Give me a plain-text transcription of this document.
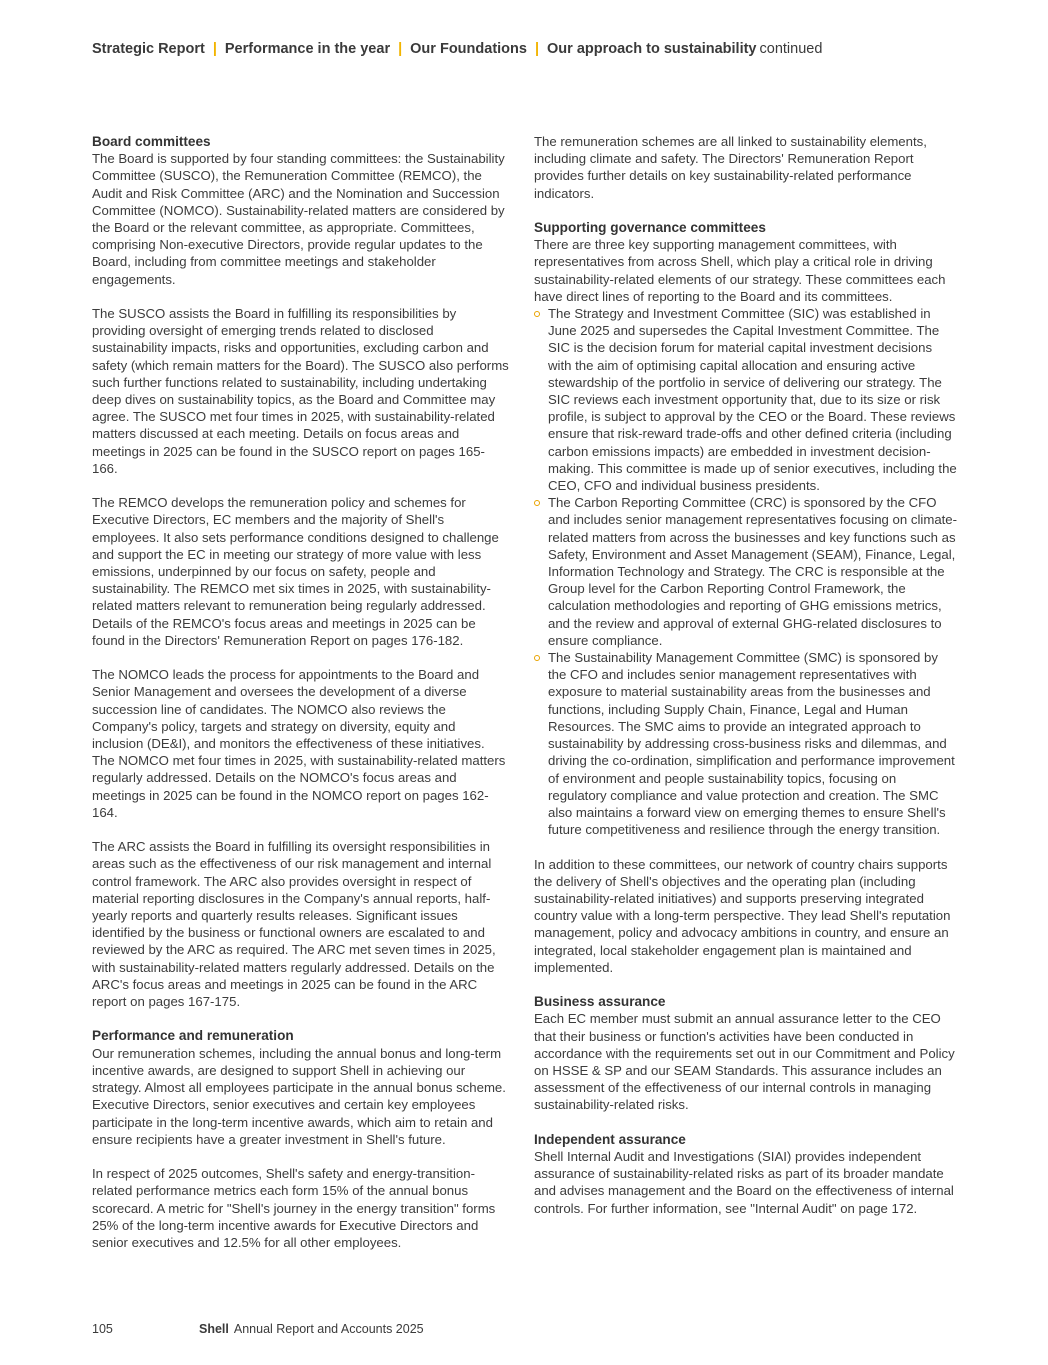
Strategic Report | Performance in the year | Our Foundations | Our approach to sustainability continued
Board committees

The Board is supported by four standing committees: the Sustainability Committee (SUSCO), the Remuneration Committee (REMCO), the Audit and Risk Committee (ARC) and the Nomination and Succession Committee (NOMCO). Sustainability-related matters are considered by the Board or the relevant committee, as appropriate. Committees, comprising Non-executive Directors, provide regular updates to the Board, including from committee meetings and stakeholder engagements.

The SUSCO assists the Board in fulfilling its responsibilities by providing oversight of emerging trends related to disclosed sustainability impacts, risks and opportunities, excluding carbon and safety (which remain matters for the Board). The SUSCO also performs such further functions related to sustainability, including undertaking deep dives on sustainability topics, as the Board and Committee may agree. The SUSCO met four times in 2025, with sustainability-related matters discussed at each meeting. Details on focus areas and meetings in 2025 can be found in the SUSCO report on pages 165-166.

The REMCO develops the remuneration policy and schemes for Executive Directors, EC members and the majority of Shell's employees. It also sets performance conditions designed to challenge and support the EC in meeting our strategy of more value with less emissions, underpinned by our focus on safety, people and sustainability. The REMCO met six times in 2025, with sustainability-related matters relevant to remuneration being regularly addressed. Details of the REMCO's focus areas and meetings in 2025 can be found in the Directors' Remuneration Report on pages 176-182.

The NOMCO leads the process for appointments to the Board and Senior Management and oversees the development of a diverse succession line of candidates. The NOMCO also reviews the Company's policy, targets and strategy on diversity, equity and inclusion (DE&I), and monitors the effectiveness of these initiatives. The NOMCO met four times in 2025, with sustainability-related matters regularly addressed. Details on the NOMCO's focus areas and meetings in 2025 can be found in the NOMCO report on pages 162-164.

The ARC assists the Board in fulfilling its oversight responsibilities in areas such as the effectiveness of our risk management and internal control framework. The ARC also provides oversight in respect of material reporting disclosures in the Company's annual reports, half-yearly reports and quarterly results releases. Significant issues identified by the business or functional owners are escalated to and reviewed by the ARC as required. The ARC met seven times in 2025, with sustainability-related matters regularly addressed. Details on the ARC's focus areas and meetings in 2025 can be found in the ARC report on pages 167-175.

Performance and remuneration

Our remuneration schemes, including the annual bonus and long-term incentive awards, are designed to support Shell in achieving our strategy. Almost all employees participate in the annual bonus scheme. Executive Directors, senior executives and certain key employees participate in the long-term incentive awards, which aim to retain and ensure recipients have a greater investment in Shell's future.

In respect of 2025 outcomes, Shell's safety and energy-transition-related performance metrics each form 15% of the annual bonus scorecard. A metric for "Shell's journey in the energy transition" forms 25% of the long-term incentive awards for Executive Directors and senior executives and 12.5% for all other employees.

The remuneration schemes are all linked to sustainability elements, including climate and safety. The Directors' Remuneration Report provides further details on key sustainability-related performance indicators.

Supporting governance committees

There are three key supporting management committees, with representatives from across Shell, which play a critical role in driving sustainability-related elements of our strategy. These committees each have direct lines of reporting to the Board and its committees.

The Strategy and Investment Committee (SIC) was established in June 2025 and supersedes the Capital Investment Committee. The SIC is the decision forum for material capital investment decisions with the aim of optimising capital allocation and ensuring active stewardship of the portfolio in service of delivering our strategy. The SIC reviews each investment opportunity that, due to its size or risk profile, is subject to approval by the CEO or the Board. These reviews ensure that risk-reward trade-offs and other defined criteria (including carbon emissions impacts) are embedded in investment decision-making. This committee is made up of senior executives, including the CEO, CFO and individual business presidents.
The Carbon Reporting Committee (CRC) is sponsored by the CFO and includes senior management representatives focusing on climate-related matters from across the businesses and key functions such as Safety, Environment and Asset Management (SEAM), Finance, Legal, Information Technology and Strategy. The CRC is responsible at the Group level for the Carbon Reporting Control Framework, the calculation methodologies and reporting of GHG emissions metrics, and the review and approval of external GHG-related disclosures to ensure compliance.
The Sustainability Management Committee (SMC) is sponsored by the CFO and includes senior management representatives with exposure to material sustainability areas from the businesses and functions, including Supply Chain, Finance, Legal and Human Resources. The SMC aims to provide an integrated approach to sustainability by addressing cross-business risks and dilemmas, and driving the co-ordination, simplification and performance improvement of environment and people sustainability topics, focusing on regulatory compliance and value protection and creation. The SMC also maintains a forward view on emerging themes to ensure Shell's future competitiveness and resilience through the energy transition.

In addition to these committees, our network of country chairs supports the delivery of Shell's objectives and the operating plan (including sustainability-related initiatives) and supports preserving integrated country value with a long-term perspective. They lead Shell's reputation management, policy and advocacy ambitions in country, and ensure an integrated, local stakeholder engagement plan is maintained and implemented.

Business assurance

Each EC member must submit an annual assurance letter to the CEO that their business or function's activities have been conducted in accordance with the requirements set out in our Commitment and Policy on HSSE & SP and our SEAM Standards. This assurance includes an assessment of the effectiveness of our internal controls in managing sustainability-related risks.

Independent assurance

Shell Internal Audit and Investigations (SIAI) provides independent assurance of sustainability-related risks as part of its broader mandate and advises management and the Board on the effectiveness of internal controls. For further information, see "Internal Audit" on page 172.

105	Shell Annual Report and Accounts 2025
